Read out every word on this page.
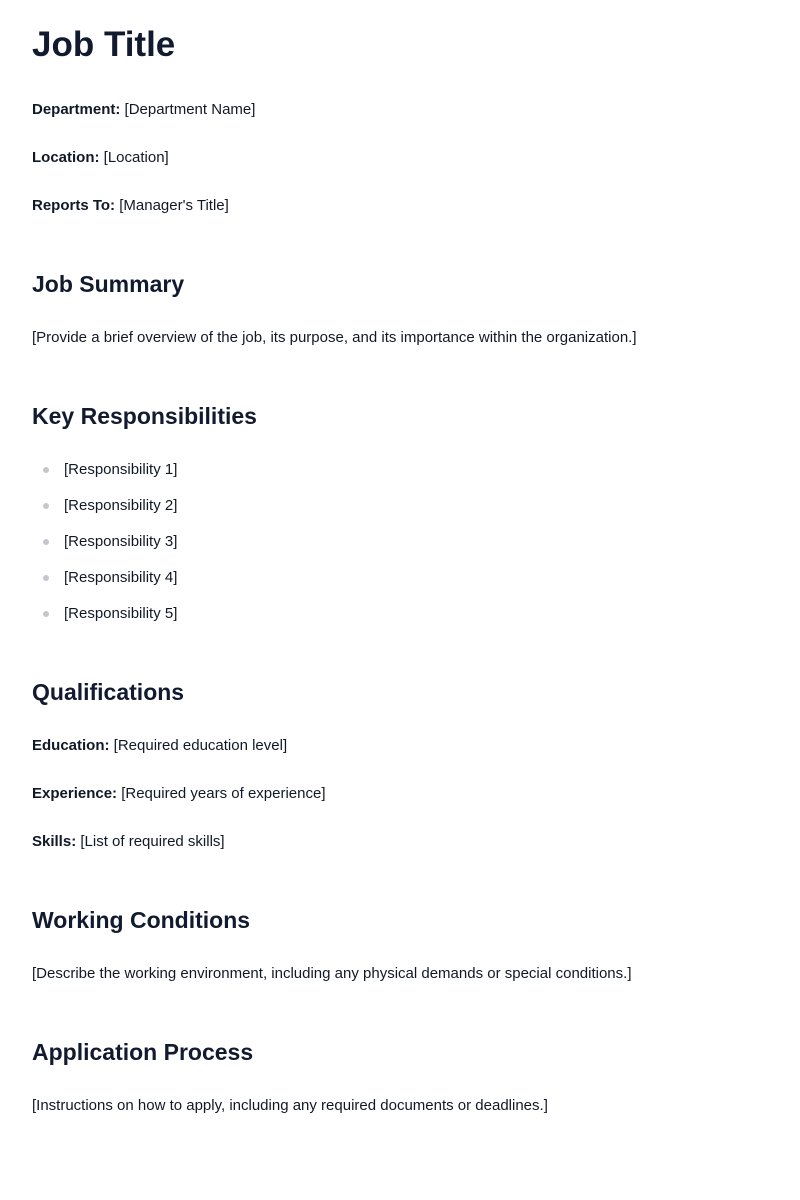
Job Title
Department: [Department Name]
Location: [Location]
Reports To: [Manager's Title]
Job Summary

[Provide a brief overview of the job, its purpose, and its importance within the organization.]

Key Responsibilities
[Responsibility 1]
[Responsibility 2]
[Responsibility 3]
[Responsibility 4]
[Responsibility 5]
Qualifications
Education: [Required education level]
Experience: [Required years of experience]
Skills: [List of required skills]
Working Conditions

[Describe the working environment, including any physical demands or special conditions.]

Application Process

[Instructions on how to apply, including any required documents or deadlines.]
